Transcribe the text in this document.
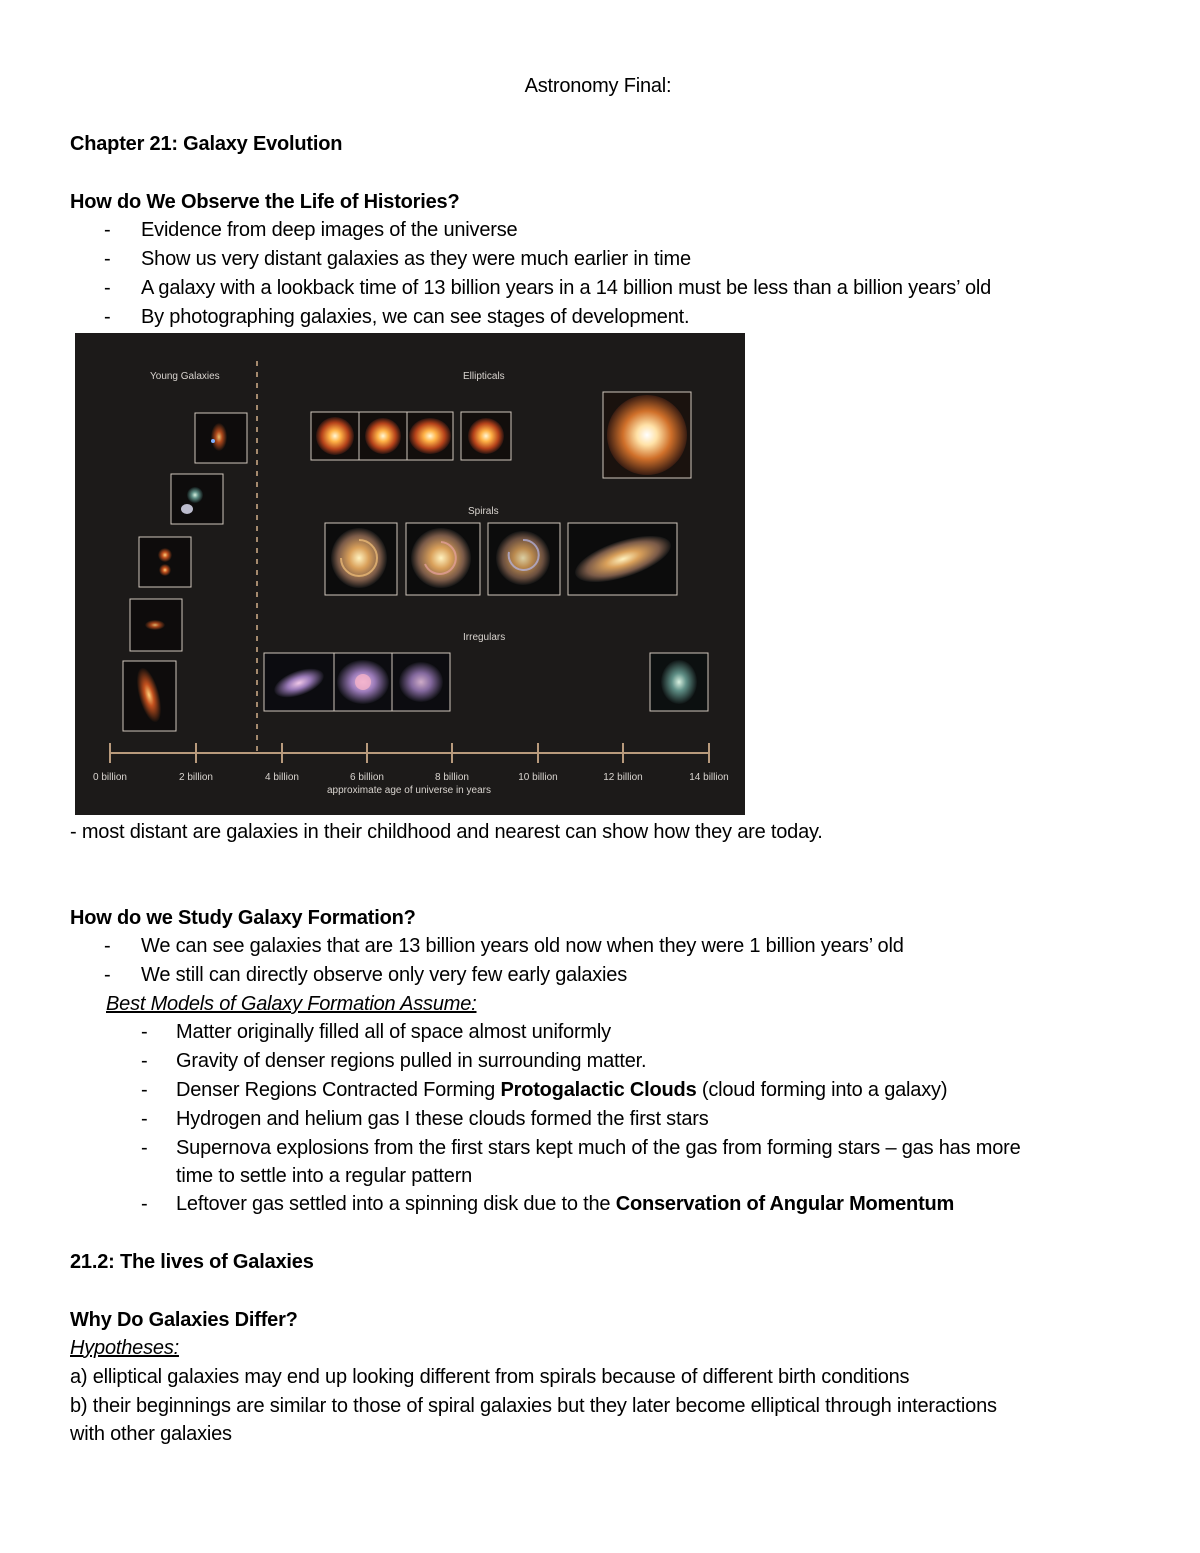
Astronomy Final:
Chapter 21: Galaxy Evolution
How do We Observe the Life of Histories?
- Evidence from deep images of the universe
- Show us very distant galaxies as they were much earlier in time
- A galaxy with a lookback time of 13 billion years in a 14 billion must be less than a billion years’ old
- By photographing galaxies, we can see stages of development.
Young Galaxies	Ellipticals
Spirals
Irregulars
0 billion	2 billion	4 billion	6 billion	8 billion	10 billion	12 billion	14 billion
approximate age of universe in years
- most distant are galaxies in their childhood and nearest can show how they are today.
How do we Study Galaxy Formation?
- We can see galaxies that are 13 billion years old now when they were 1 billion years’ old
- We still can directly observe only very few early galaxies
Best Models of Galaxy Formation Assume:
- Matter originally filled all of space almost uniformly
- Gravity of denser regions pulled in surrounding matter.
- Denser Regions Contracted Forming Protogalactic Clouds (cloud forming into a galaxy)
- Hydrogen and helium gas I these clouds formed the first stars
- Supernova explosions from the first stars kept much of the gas from forming stars – gas has more
time to settle into a regular pattern
- Leftover gas settled into a spinning disk due to the Conservation of Angular Momentum
21.2: The lives of Galaxies
Why Do Galaxies Differ?
Hypotheses:
a) elliptical galaxies may end up looking different from spirals because of different birth conditions
b) their beginnings are similar to those of spiral galaxies but they later become elliptical through interactions
with other galaxies
